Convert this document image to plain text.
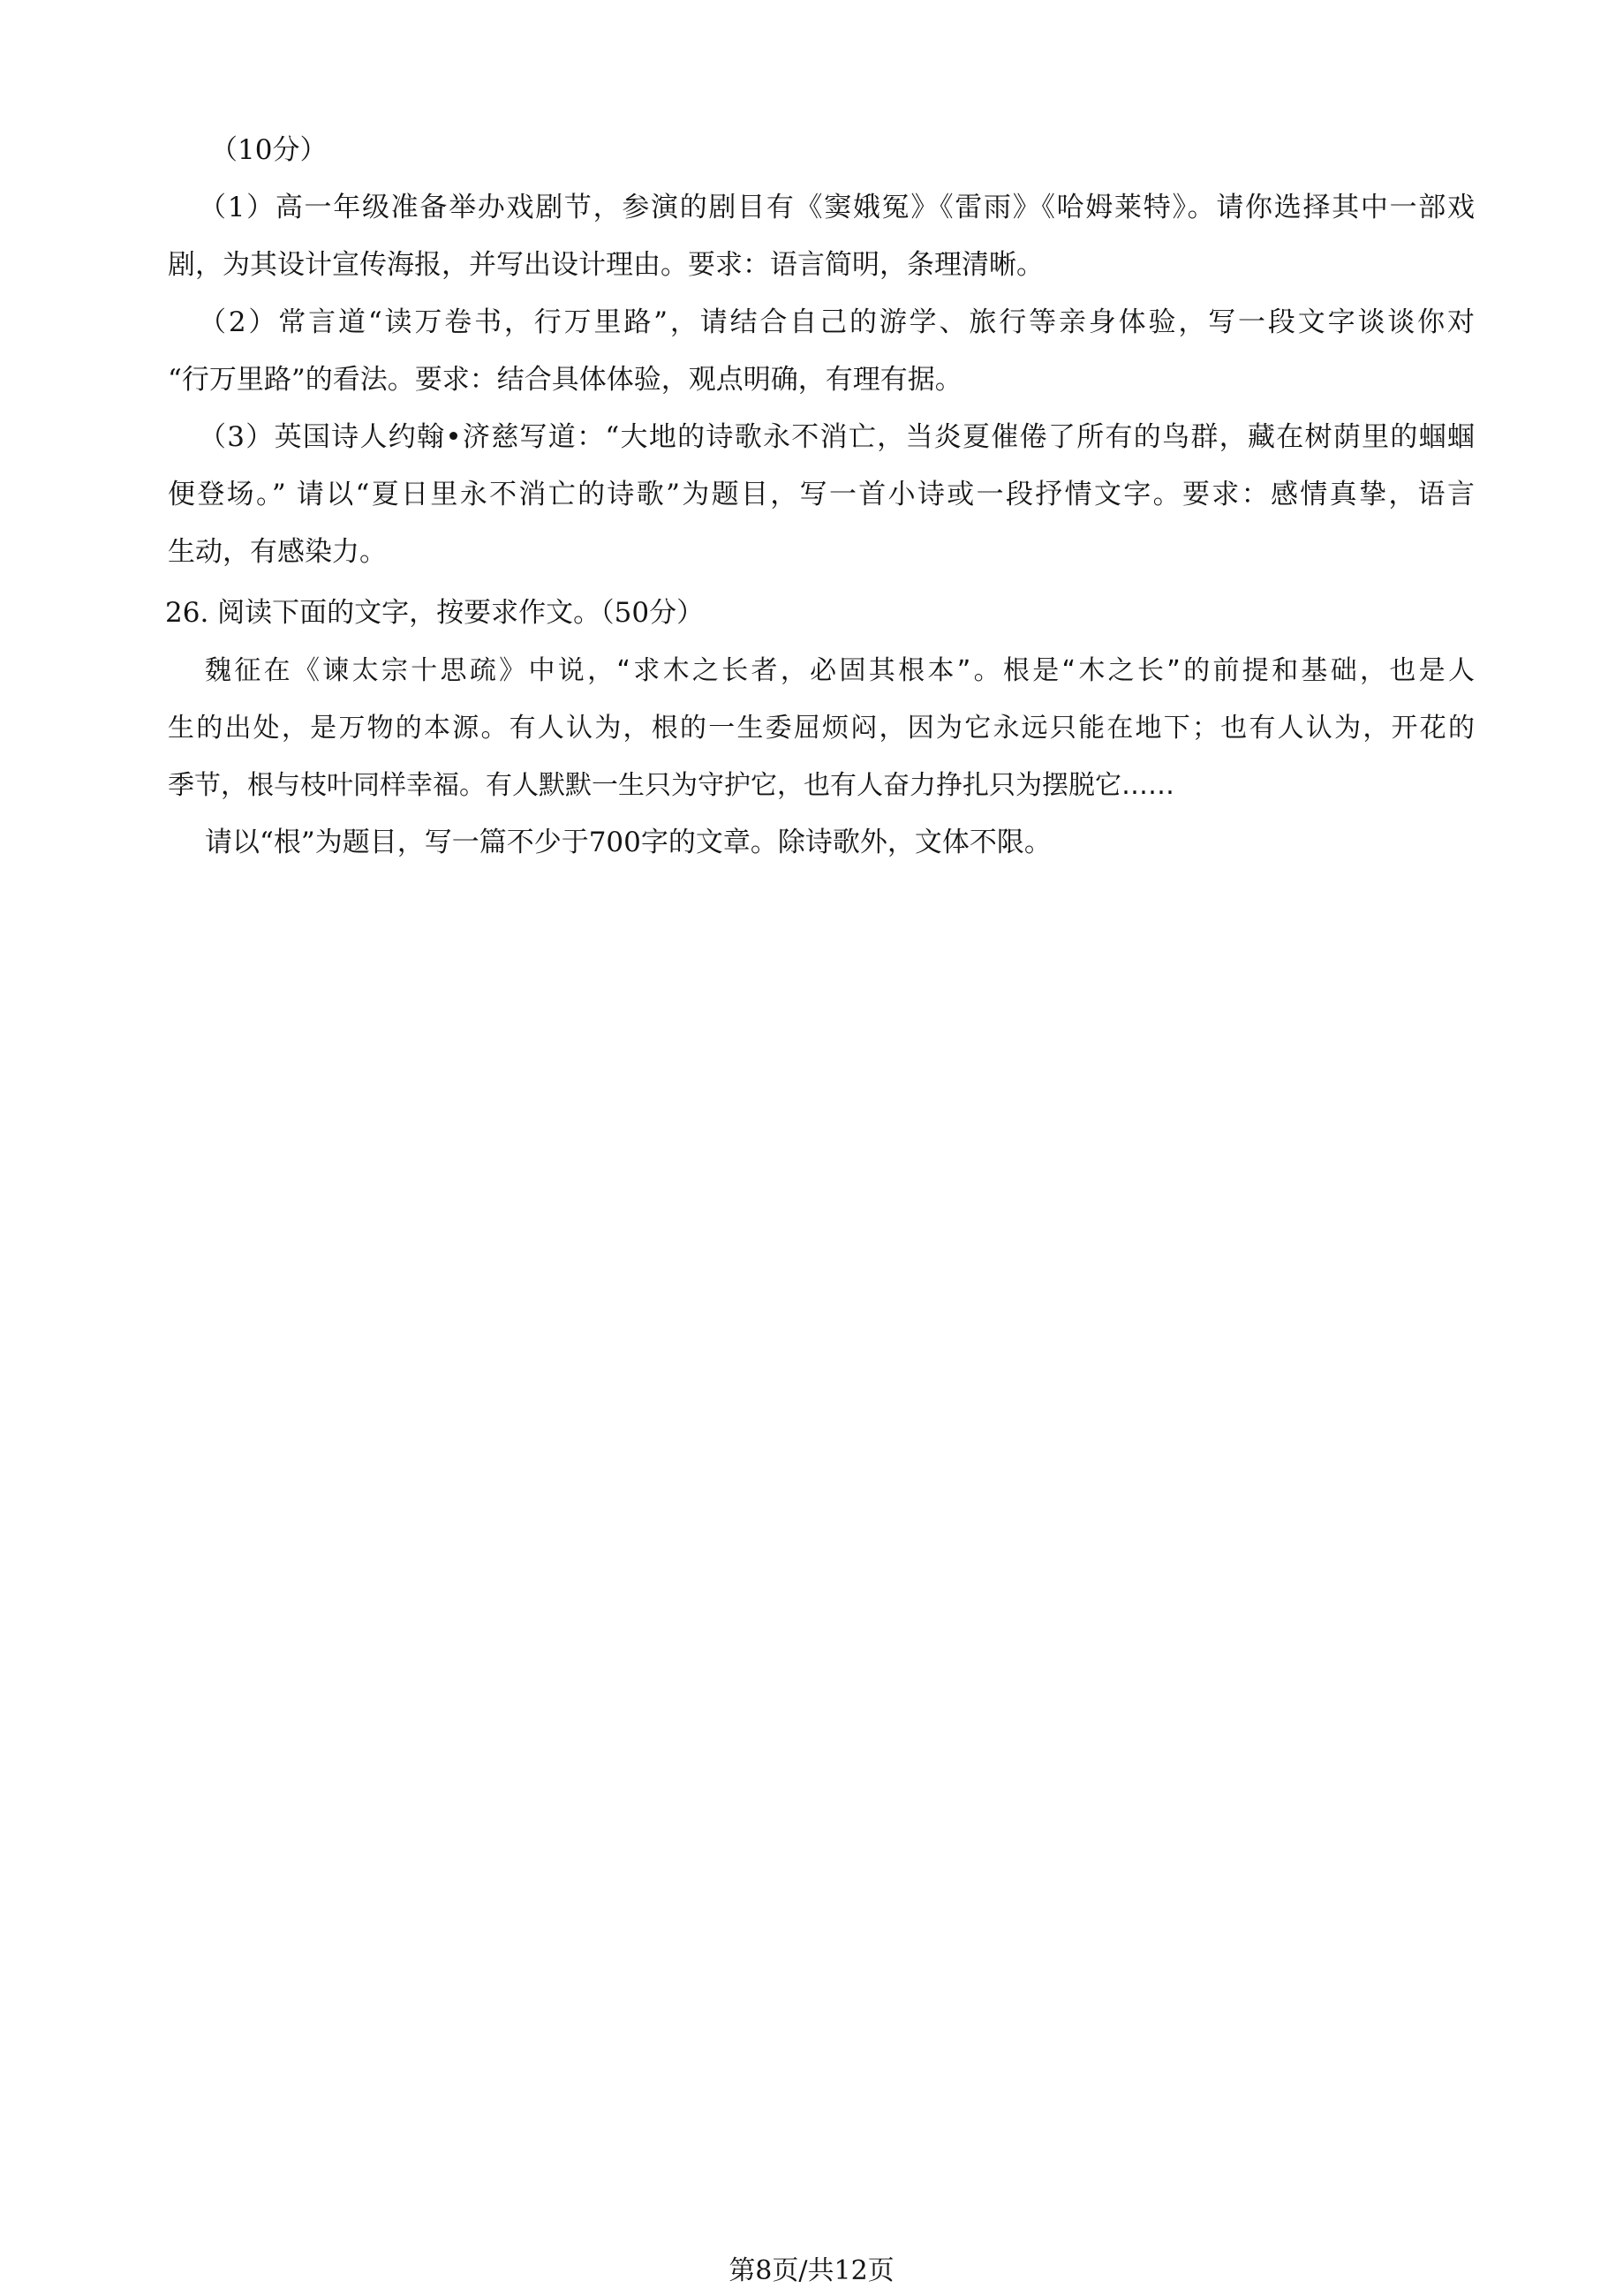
（10分）
（1）高一年级准备举办戏剧节，参演的剧目有《窦娥冤》《雷雨》《哈姆莱特》。请你选择其中一部戏
剧，为其设计宣传海报，并写出设计理由。要求：语言简明，条理清晰。
（2）常言道“读万卷书，行万里路”，请结合自己的游学、旅行等亲身体验，写一段文字谈谈你对
“行万里路”的看法。要求：结合具体体验，观点明确，有理有据。
（3）英国诗人约翰•济慈写道：“大地的诗歌永不消亡，当炎夏催倦了所有的鸟群，藏在树荫里的蝈蝈
便登场。” 请以“夏日里永不消亡的诗歌”为题目，写一首小诗或一段抒情文字。要求：感情真挚，语言
生动，有感染力。
26. 阅读下面的文字，按要求作文。（50分）
魏征在《谏太宗十思疏》中说，“求木之长者，必固其根本”。根是“木之长”的前提和基础，也是人
生的出处，是万物的本源。有人认为，根的一生委屈烦闷，因为它永远只能在地下；也有人认为，开花的
季节，根与枝叶同样幸福。有人默默一生只为守护它，也有人奋力挣扎只为摆脱它……
请以“根”为题目，写一篇不少于700字的文章。除诗歌外，文体不限。
第8页/共12页
